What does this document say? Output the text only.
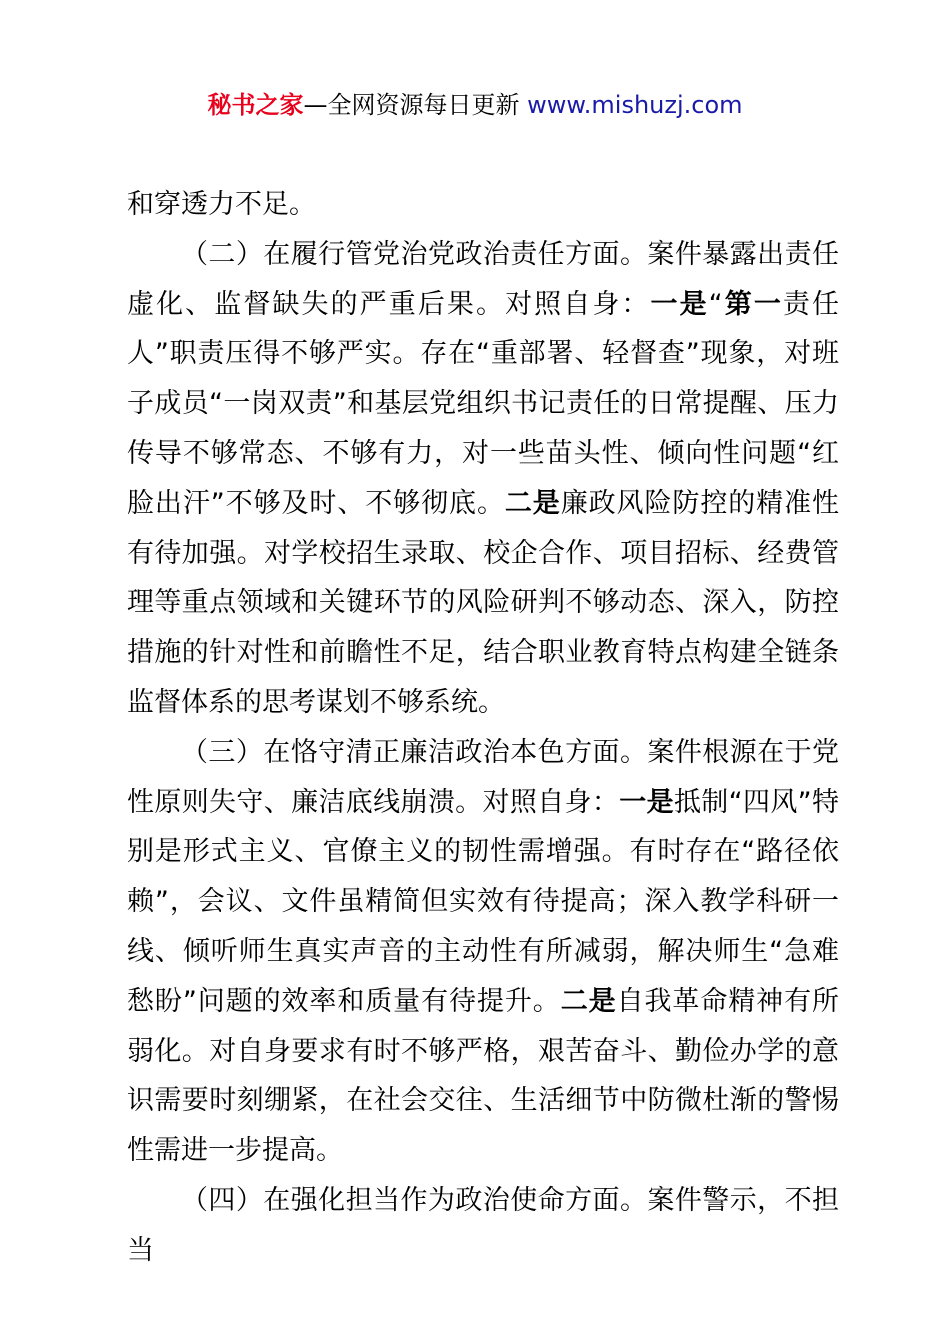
秘书之家—全网资源每日更新 www.mishuzj.com

和穿透力不足。

（二）在履行管党治党政治责任方面。案件暴露出责任虚化、监督缺失的严重后果。对照自身：一是“第一责任人”职责压得不够严实。存在“重部署、轻督查”现象，对班子成员“一岗双责”和基层党组织书记责任的日常提醒、压力传导不够常态、不够有力，对一些苗头性、倾向性问题“红脸出汗”不够及时、不够彻底。二是廉政风险防控的精准性有待加强。对学校招生录取、校企合作、项目招标、经费管理等重点领域和关键环节的风险研判不够动态、深入，防控措施的针对性和前瞻性不足，结合职业教育特点构建全链条监督体系的思考谋划不够系统。

（三）在恪守清正廉洁政治本色方面。案件根源在于党性原则失守、廉洁底线崩溃。对照自身：一是抵制“四风”特别是形式主义、官僚主义的韧性需增强。有时存在“路径依赖”，会议、文件虽精简但实效有待提高；深入教学科研一线、倾听师生真实声音的主动性有所减弱，解决师生“急难愁盼”问题的效率和质量有待提升。二是自我革命精神有所弱化。对自身要求有时不够严格，艰苦奋斗、勤俭办学的意识需要时刻绷紧，在社会交往、生活细节中防微杜渐的警惕性需进一步提高。

（四）在强化担当作为政治使命方面。案件警示，不担当
